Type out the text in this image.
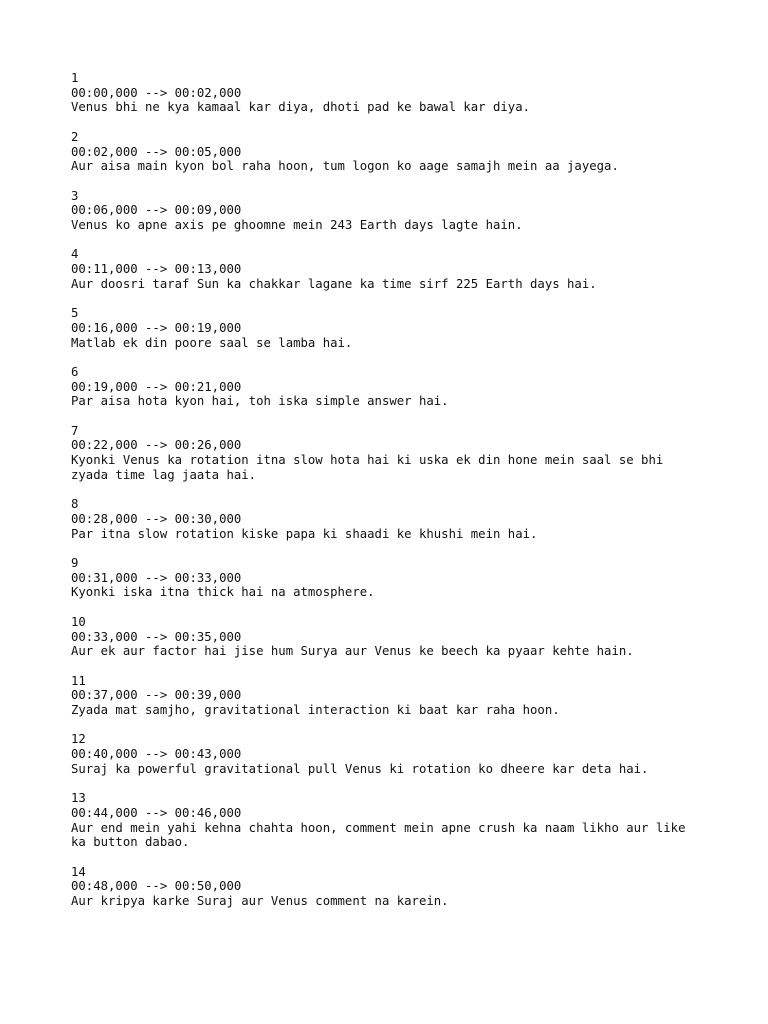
1
00:00,000 --> 00:02,000
Venus bhi ne kya kamaal kar diya, dhoti pad ke bawal kar diya.
2
00:02,000 --> 00:05,000
Aur aisa main kyon bol raha hoon, tum logon ko aage samajh mein aa jayega.
3
00:06,000 --> 00:09,000
Venus ko apne axis pe ghoomne mein 243 Earth days lagte hain.
4
00:11,000 --> 00:13,000
Aur doosri taraf Sun ka chakkar lagane ka time sirf 225 Earth days hai.
5
00:16,000 --> 00:19,000
Matlab ek din poore saal se lamba hai.
6
00:19,000 --> 00:21,000
Par aisa hota kyon hai, toh iska simple answer hai.
7
00:22,000 --> 00:26,000
Kyonki Venus ka rotation itna slow hota hai ki uska ek din hone mein saal se bhi
zyada time lag jaata hai.
8
00:28,000 --> 00:30,000
Par itna slow rotation kiske papa ki shaadi ke khushi mein hai.
9
00:31,000 --> 00:33,000
Kyonki iska itna thick hai na atmosphere.
10
00:33,000 --> 00:35,000
Aur ek aur factor hai jise hum Surya aur Venus ke beech ka pyaar kehte hain.
11
00:37,000 --> 00:39,000
Zyada mat samjho, gravitational interaction ki baat kar raha hoon.
12
00:40,000 --> 00:43,000
Suraj ka powerful gravitational pull Venus ki rotation ko dheere kar deta hai.
13
00:44,000 --> 00:46,000
Aur end mein yahi kehna chahta hoon, comment mein apne crush ka naam likho aur like
ka button dabao.
14
00:48,000 --> 00:50,000
Aur kripya karke Suraj aur Venus comment na karein.
